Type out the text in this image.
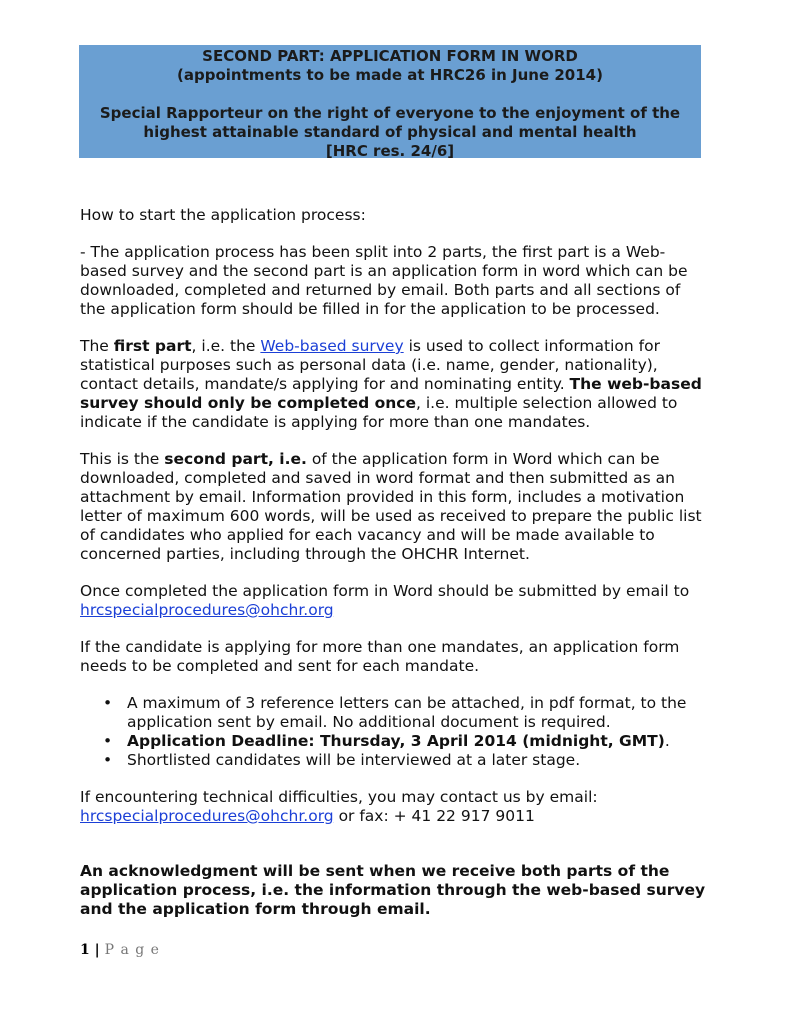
SECOND PART: APPLICATION FORM IN WORD
(appointments to be made at HRC26 in June 2014)
Special Rapporteur on the right of everyone to the enjoyment of the
highest attainable standard of physical and mental health
[HRC res. 24/6]

How to start the application process:

- The application process has been split into 2 parts, the first part is a Web-based survey and the second part is an application form in word which can be downloaded, completed and returned by email. Both parts and all sections of the application form should be filled in for the application to be processed.

The first part, i.e. the Web-based survey is used to collect information for statistical purposes such as personal data (i.e. name, gender, nationality), contact details, mandate/s applying for and nominating entity. The web-based survey should only be completed once, i.e. multiple selection allowed to indicate if the candidate is applying for more than one mandates.

This is the second part, i.e. of the application form in Word which can be downloaded, completed and saved in word format and then submitted as an attachment by email. Information provided in this form, includes a motivation letter of maximum 600 words, will be used as received to prepare the public list of candidates who applied for each vacancy and will be made available to concerned parties, including through the OHCHR Internet.

Once completed the application form in Word should be submitted by email to
hrcspecialprocedures@ohchr.org

If the candidate is applying for more than one mandates, an application form needs to be completed and sent for each mandate.

• A maximum of 3 reference letters can be attached, in pdf format, to the application sent by email. No additional document is required.
• Application Deadline: Thursday, 3 April 2014 (midnight, GMT).
• Shortlisted candidates will be interviewed at a later stage.

If encountering technical difficulties, you may contact us by email:
hrcspecialprocedures@ohchr.org or fax: + 41 22 917 9011

An acknowledgment will be sent when we receive both parts of the application process, i.e. the information through the web-based survey and the application form through email.

1 | P a g e
